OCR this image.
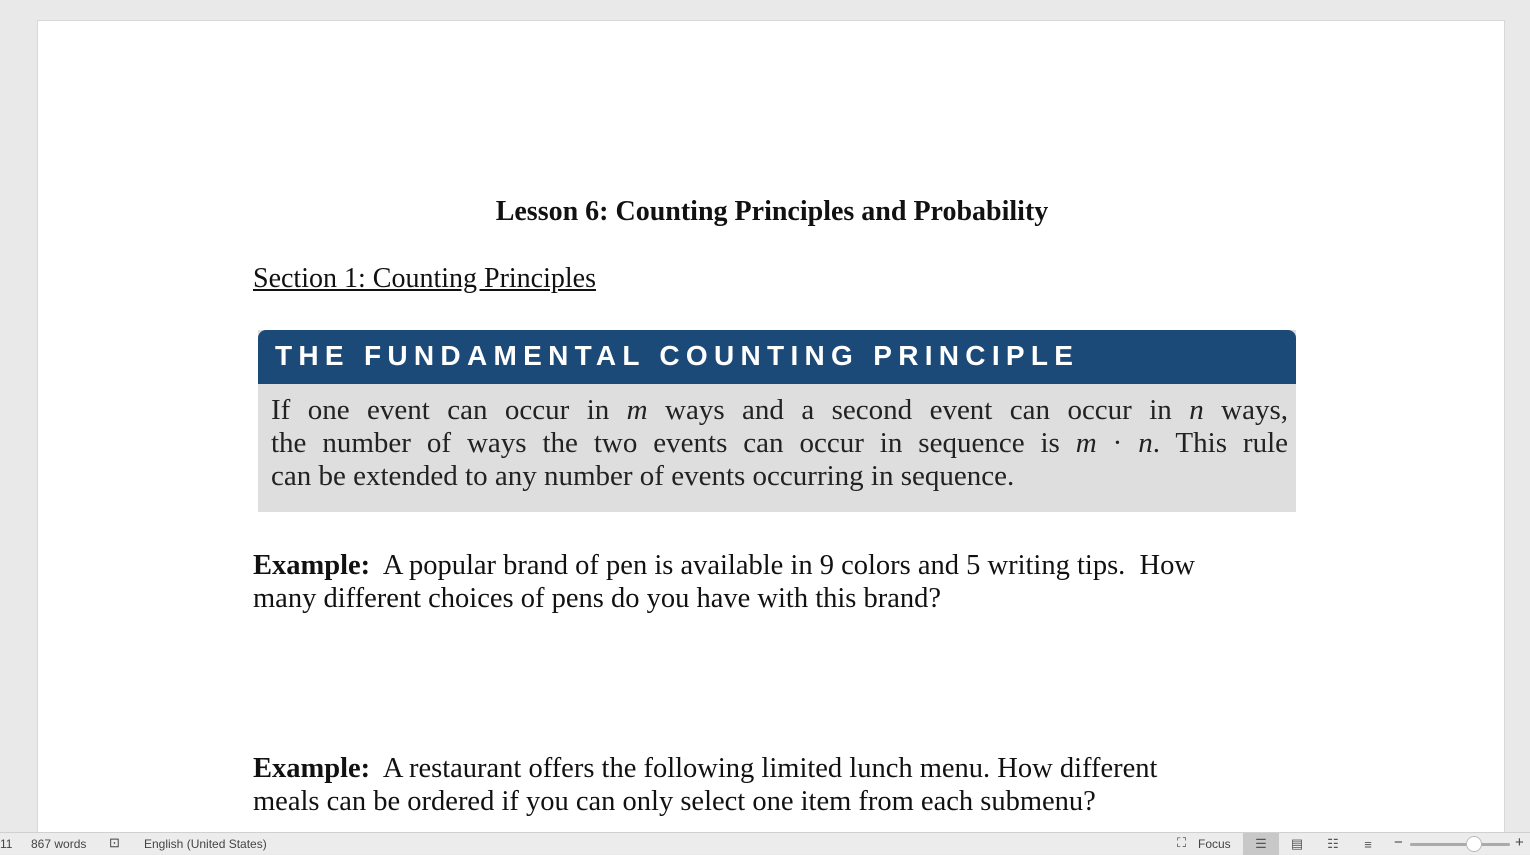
Lesson 6: Counting Principles and Probability
Section 1: Counting Principles
THE FUNDAMENTAL COUNTING PRINCIPLE
If one event can occur in m ways and a second event can occur in n ways,
the number of ways the two events can occur in sequence is m · n. This rule
can be extended to any number of events occurring in sequence.
Example:  A popular brand of pen is available in 9 colors and 5 writing tips.  How
many different choices of pens do you have with this brand?
Example:  A restaurant offers the following limited lunch menu. How different
meals can be ordered if you can only select one item from each submenu?
11 867 words ⊡ English (United States)	⛶ Focus	☰	▤	☷	≡	−	+
